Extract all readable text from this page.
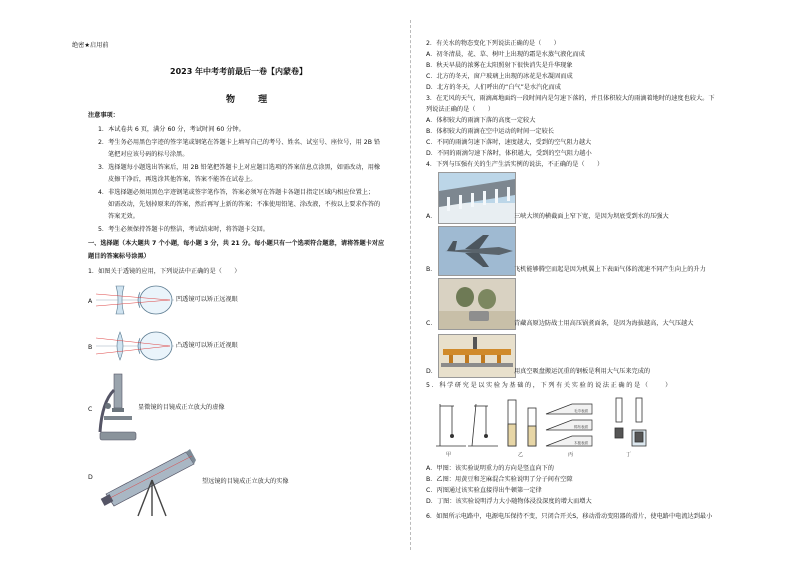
绝密★启用前
2023 年中考考前最后一卷【内蒙卷】
物 理
注意事项：
1．本试卷共 6 页，满分 60 分，考试时间 60 分钟。
2．考生务必用黑色字迹的签字笔或钢笔在答题卡上填写自己的考号、姓名、试室号、座位号，用 2B 铅
笔把对应该号码的标号涂黑。
3．选择题每小题选出答案后，用 2B 铅笔把答题卡上对应题目选项的答案信息点涂黑，如需改动，用橡
皮擦干净后，再选涂其他答案，答案不能答在试卷上。
4．非选择题必须用黑色字迹钢笔或签字笔作答，答案必须写在答题卡各题目指定区域内相应位置上；
如需改动，先划掉原来的答案，然后再写上新的答案；不准使用铅笔、涂改液，不按以上要求作答的
答案无效。
5．考生必须保持答题卡的整洁，考试结束时，将答题卡交回。
一、选择题（本大题共 7 个小题，每小题 3 分，共 21 分。每小题只有一个选项符合题意，请将答题卡对应
题目的答案标号涂黑）
1．如图关于透镜的应用，下列说法中正确的是（　　）
A	凹透镜可以矫正远视眼
B	凸透镜可以矫正近视眼
C	显微镜的目镜成正立放大的虚像
D
望远镜的目镜成正立放大的实像
2．有关水的物态变化下列说法正确的是（　　）
A．初冬清晨，花、草、树叶上出现的霜是水蒸气液化而成
B．秋天早晨的浓雾在太阳照射下很快消失是升华现象
C．北方的冬天，窗户玻璃上出现的冰花是水凝固而成
D．北方的冬天，人们呼出的“白气”是水汽化而成
3．在无风的天气，雨滴离地面约一段时间内是匀速下落的，并且体积较大的雨滴着地时的速度也较大。下
列说法正确的是（　　）
A．体积较大的雨滴下落的高度一定较大
B．体积较大的雨滴在空中运动的时间一定较长
C．不同的雨滴匀速下落时，速度越大，受到的空气阻力越大
D．不同的雨滴匀速下落时，体积越大，受到的空气阻力越小
4．下列与压强有关的生产生活实例的说法，不正确的是（　　）
A．	三峡大坝的横截面上窄下宽，是因为坝底受到水的压强大
B．	飞机能够腾空而起是因为机翼上下表面气体的流速不同产生向上的升力
C．	青藏高原边防战士用高压锅煮面条，是因为海拔越高，大气压越大
D．	用真空吸盘搬运沉重的钢板是利用大气压来完成的
5．科学研究是以实验为基础的，下列有关实验的说法正确的是（　　）
毛巾表面
棉布表面
木板表面
甲	乙	丙	丁
A．甲图：该实验说明重力的方向是竖直向下的
B．乙图：用黄豆和芝麻混合实验说明了分子间有空隙
C．丙图通过该实验直接得出牛顿第一定律
D．丁图：该实验说明浮力大小随物体浸没深度的增大而增大
6．如图所示电路中，电源电压保持不变，只闭合开关S，移动滑动变阻器的滑片，使电路中电流达到最小
